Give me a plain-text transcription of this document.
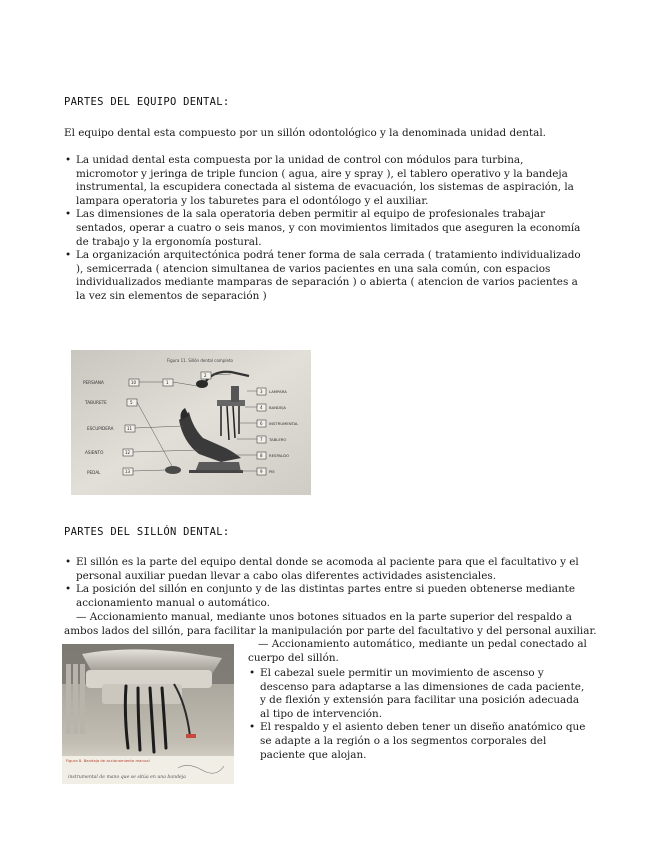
PARTES DEL EQUIPO DENTAL:
El equipo dental esta compuesto por un sillón odontológico y la denominada unidad dental.
• La unidad dental esta compuesta por la unidad de control con módulos para turbina, micromotor y jeringa de triple funcion ( agua, aire y spray ), el tablero operativo y la bandeja instrumental, la escupidera conectada al sistema de evacuación, los sistemas de aspiración, la lampara operatoria y los taburetes para el odontólogo y el auxiliar.
• Las dimensiones de la sala operatoria deben permitir al equipo de profesionales trabajar sentados, operar a cuatro o seis manos, y con movimientos limitados que aseguren la economía de trabajo y la ergonomía postural.
• La organización arquitectónica podrá tener forma de sala cerrada ( tratamiento individualizado ), semicerrada ( atencion simultanea de varios pacientes en una sala común, con espacios individualizados mediante mamparas de separación ) o abierta ( atencion de varios pacientes a la vez sin elementos de separación )
Figura 11. Sillón dental completo
PERSIANA
TABURETE
ESCUPIDERA
ASIENTO
PEDAL
10
5
11
12
13
1
2
3
4
6
7
8
9
LAMPARA
BANDEJA
INSTRUMENTAL
TABLERO
RESPALDO
PIE
PARTES DEL SILLÓN DENTAL:
• El sillón es la parte del equipo dental donde se acomoda al paciente para que el facultativo y el personal auxiliar puedan llevar a cabo olas diferentes actividades asistenciales.
• La posición del sillón en conjunto y de las distintas partes entre si pueden obtenerse mediante accionamiento manual o automático.
— Accionamiento manual, mediante unos botones situados en la parte superior del respaldo a
ambos lados del sillón, para facilitar la manipulación por parte del facultativo y del personal auxiliar.
Figura 8. Bandeja de accionamiento manual
instrumental de mano que se sitúa en una bandeja
— Accionamiento automático, mediante un pedal conectado al
cuerpo del sillón.
• El cabezal suele permitir un movimiento de ascenso y descenso para adaptarse a las dimensiones de cada paciente, y de flexión y extensión para facilitar una posición adecuada al tipo de intervención.
• El respaldo y el asiento deben tener un diseño anatómico que se adapte a la región o a los segmentos corporales del paciente que alojan.
